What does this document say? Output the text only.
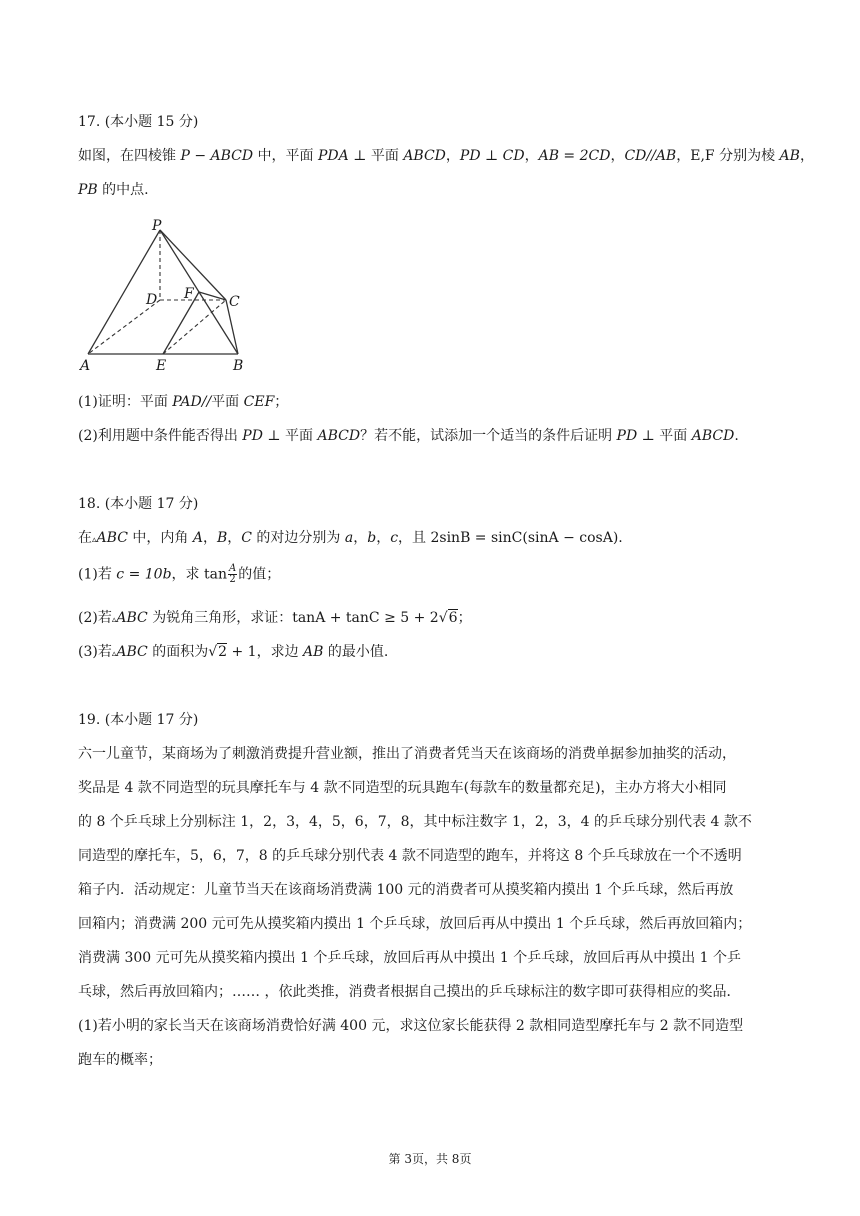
17. (本小题 15 分)
如图，在四棱锥 P − ABCD 中，平面 PDA ⊥ 平面 ABCD，PD ⊥ CD，AB = 2CD，CD//AB，E,F 分别为棱 AB，
PB 的中点.
P
D F	C
A	E	B
(1)证明：平面 PAD//平面 CEF；
(2)利用题中条件能否得出 PD ⊥ 平面 ABCD？若不能，试添加一个适当的条件后证明 PD ⊥ 平面 ABCD.
18. (本小题 17 分)
在▵ABC 中，内角 A，B，C 的对边分别为 a，b，c，且 2sinB = sinC(sinA − cosA).
(1)若 c = 10b，求 $\tan \frac{A}{2}$ 的值；
(2)若▵ABC 为锐角三角形，求证：tanA + tanC ≥ 5 + 2√6；
(3)若▵ABC 的面积为√2 + 1，求边 AB 的最小值.
19. (本小题 17 分)
六一儿童节，某商场为了刺激消费提升营业额，推出了消费者凭当天在该商场的消费单据参加抽奖的活动，
奖品是 4 款不同造型的玩具摩托车与 4 款不同造型的玩具跑车(每款车的数量都充足)，主办方将大小相同
的 8 个乒乓球上分别标注 1，2，3，4，5，6，7，8，其中标注数字 1，2，3，4 的乒乓球分别代表 4 款不
同造型的摩托车，5，6，7，8 的乒乓球分别代表 4 款不同造型的跑车，并将这 8 个乒乓球放在一个不透明
箱子内．活动规定：儿童节当天在该商场消费满 100 元的消费者可从摸奖箱内摸出 1 个乒乓球，然后再放
回箱内；消费满 200 元可先从摸奖箱内摸出 1 个乒乓球，放回后再从中摸出 1 个乒乓球，然后再放回箱内；
消费满 300 元可先从摸奖箱内摸出 1 个乒乓球，放回后再从中摸出 1 个乒乓球，放回后再从中摸出 1 个乒
乓球，然后再放回箱内；…… ，依此类推，消费者根据自己摸出的乒乓球标注的数字即可获得相应的奖品．
(1)若小明的家长当天在该商场消费恰好满 400 元，求这位家长能获得 2 款相同造型摩托车与 2 款不同造型
跑车的概率；
第 3页，共 8页
